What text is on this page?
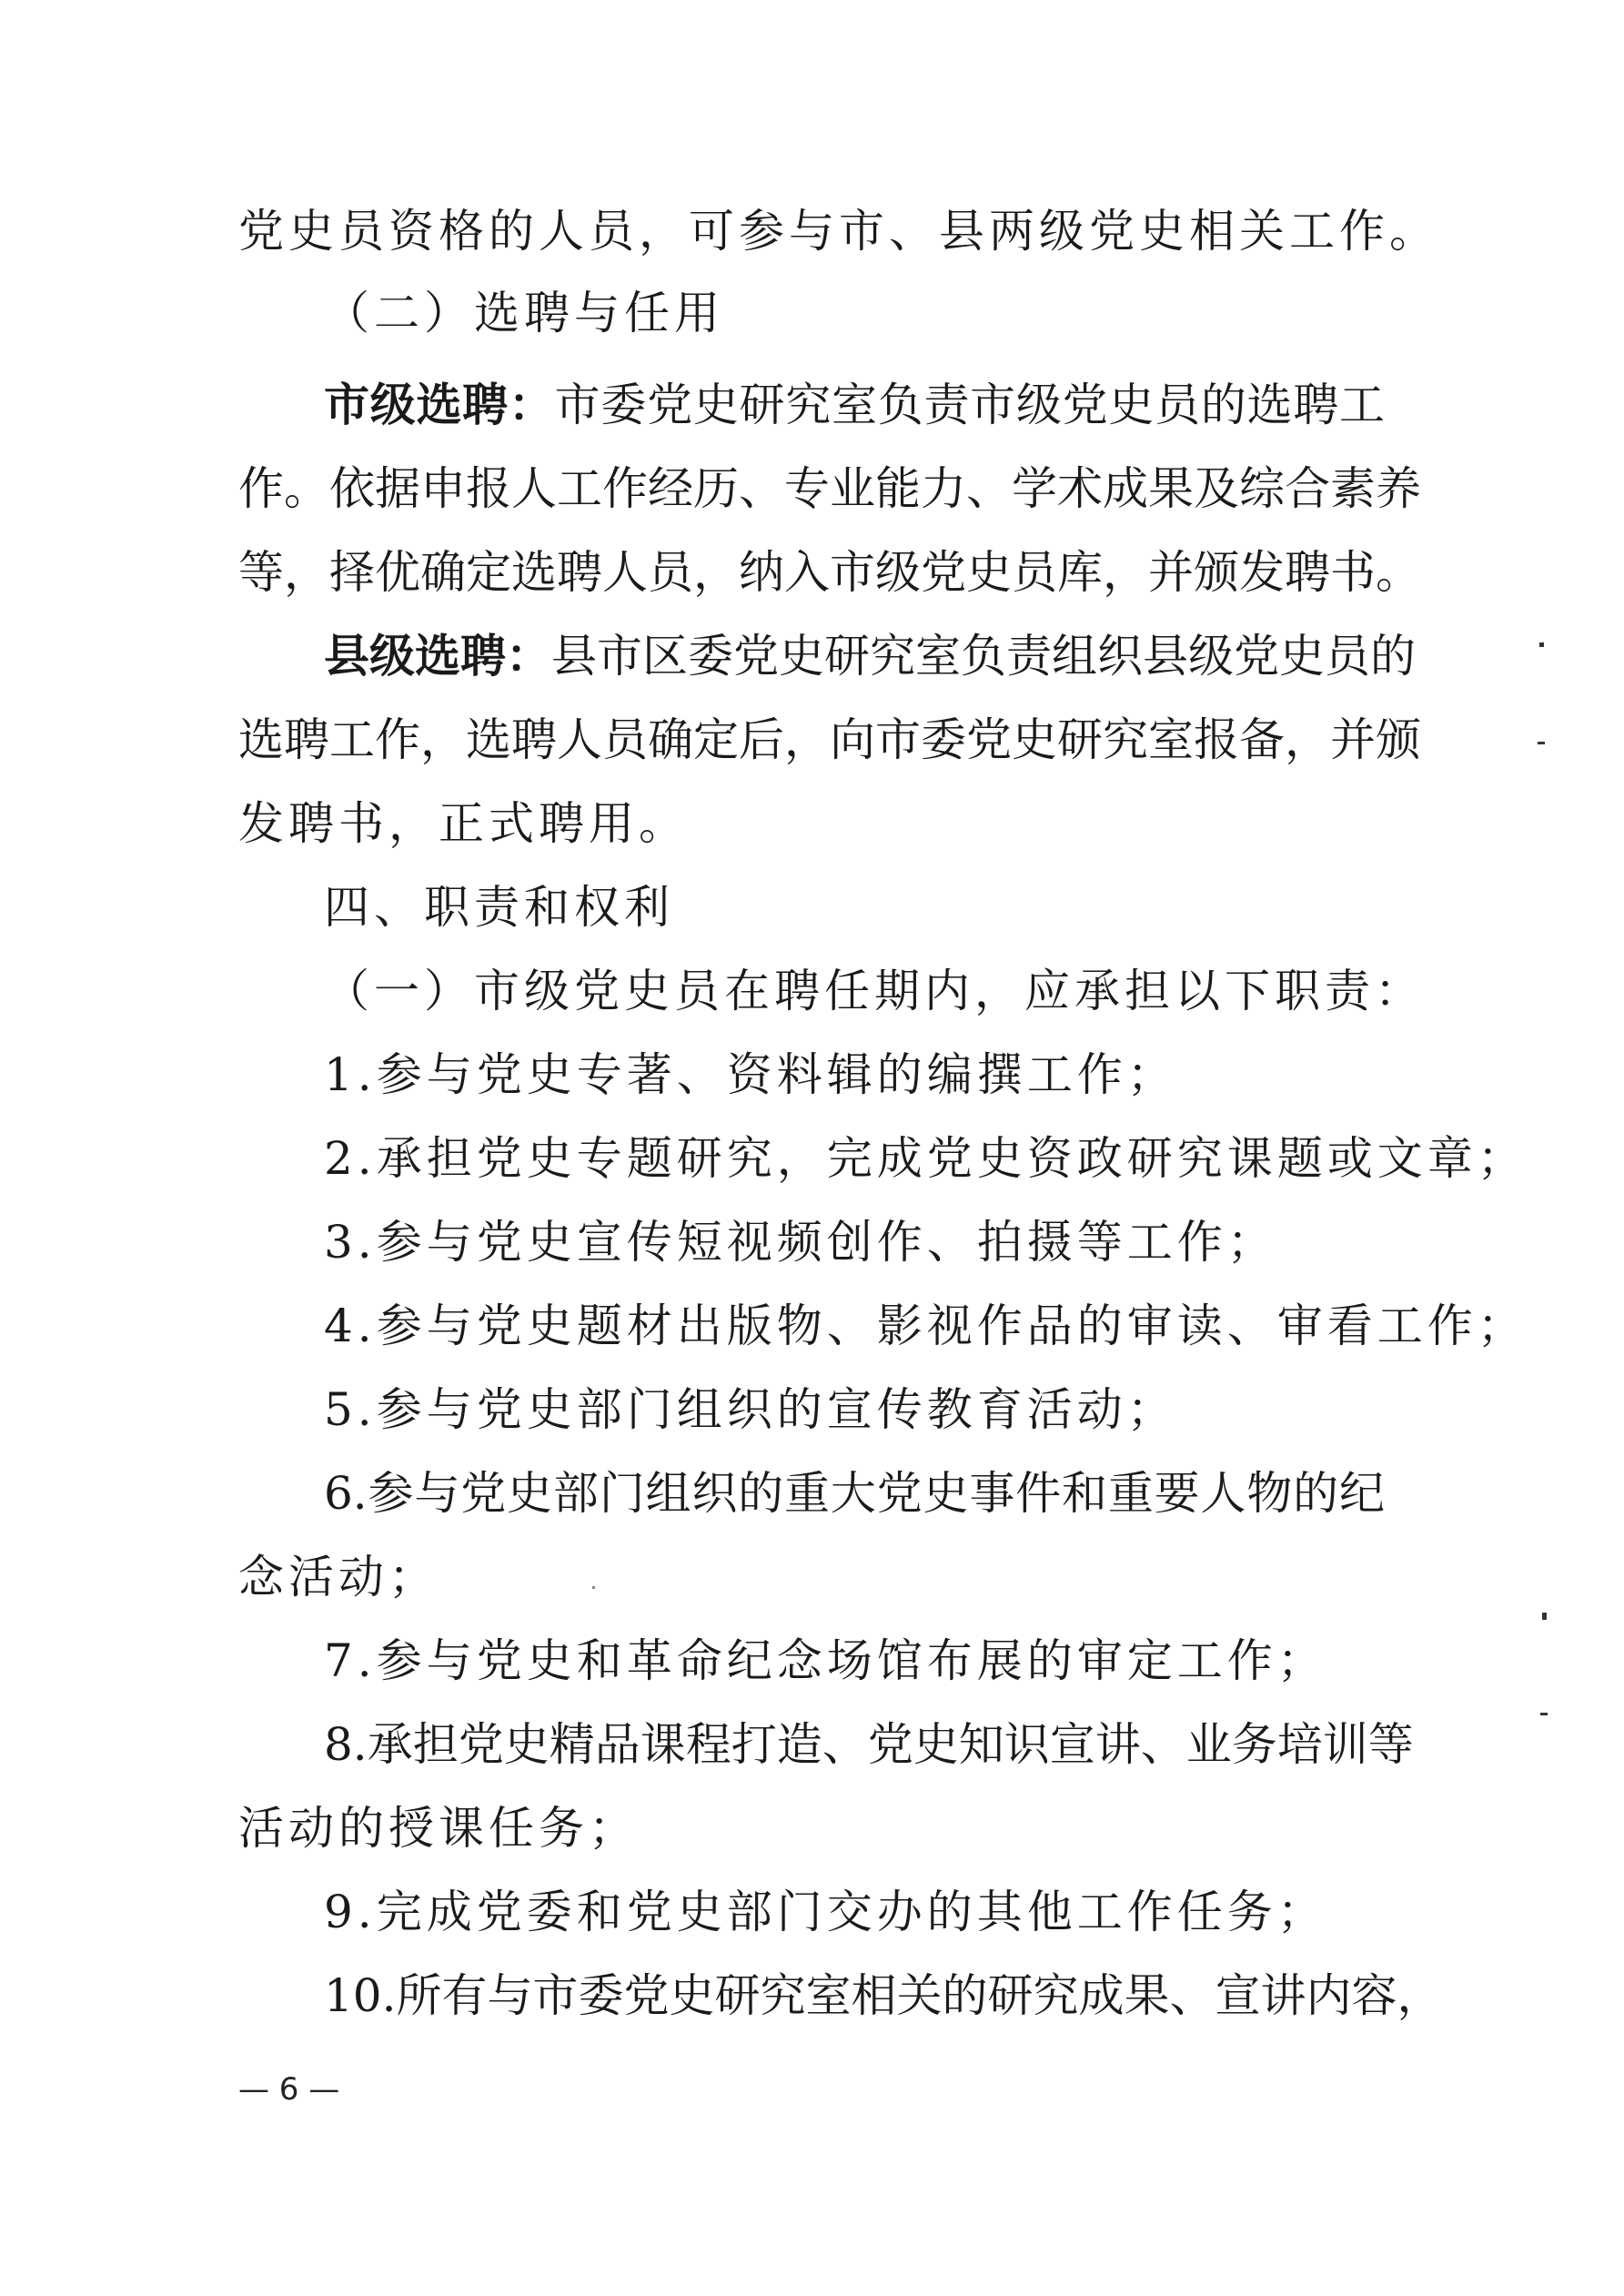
党史员资格的人员，可参与市、县两级党史相关工作。
（二）选聘与任用
市级选聘：市委党史研究室负责市级党史员的选聘工
作。依据申报人工作经历、专业能力、学术成果及综合素养
等，择优确定选聘人员，纳入市级党史员库，并颁发聘书。
县级选聘：县市区委党史研究室负责组织县级党史员的
选聘工作，选聘人员确定后，向市委党史研究室报备，并颁
发聘书，正式聘用。
四、职责和权利
（一）市级党史员在聘任期内，应承担以下职责：
1.参与党史专著、资料辑的编撰工作；
2.承担党史专题研究，完成党史资政研究课题或文章；
3.参与党史宣传短视频创作、拍摄等工作；
4.参与党史题材出版物、影视作品的审读、审看工作；
5.参与党史部门组织的宣传教育活动；
6.参与党史部门组织的重大党史事件和重要人物的纪
念活动；
7.参与党史和革命纪念场馆布展的审定工作；
8.承担党史精品课程打造、党史知识宣讲、业务培训等
活动的授课任务；
9.完成党委和党史部门交办的其他工作任务；
10.所有与市委党史研究室相关的研究成果、宣讲内容，
— 6 —
